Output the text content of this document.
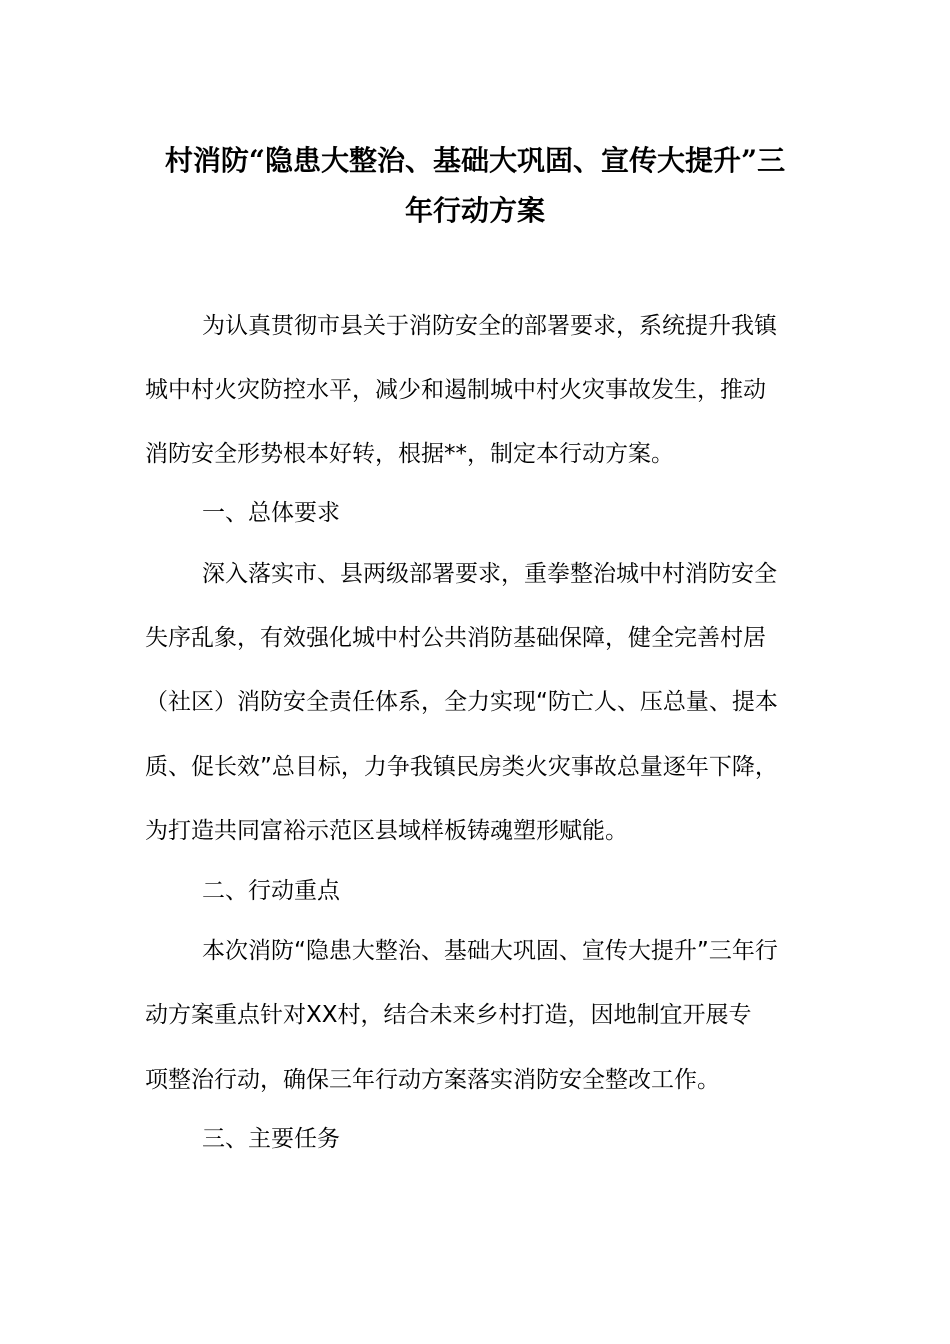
村消防“隐患大整治、基础大巩固、宣传大提升”三
年行动方案
为认真贯彻市县关于消防安全的部署要求，系统提升我镇
城中村火灾防控水平，减少和遏制城中村火灾事故发生，推动
消防安全形势根本好转，根据**，制定本行动方案。
一、总体要求
深入落实市、县两级部署要求，重拳整治城中村消防安全
失序乱象，有效强化城中村公共消防基础保障，健全完善村居
（社区）消防安全责任体系，全力实现“防亡人、压总量、提本
质、促长效”总目标，力争我镇民房类火灾事故总量逐年下降，
为打造共同富裕示范区县域样板铸魂塑形赋能。
二、行动重点
本次消防“隐患大整治、基础大巩固、宣传大提升”三年行
动方案重点针对XX村，结合未来乡村打造，因地制宜开展专
项整治行动，确保三年行动方案落实消防安全整改工作。
三、主要任务
